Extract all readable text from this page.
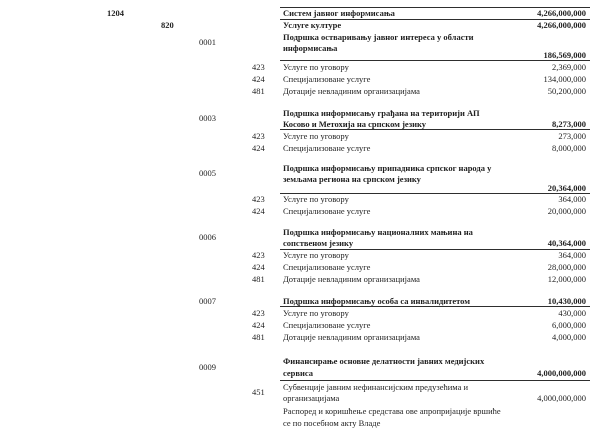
1204	Систем јавног информисања	4,266,000,000
820	Услуге културе	4,266,000,000
0001	Подршка остваривању јавног интереса у области
информисања
186,569,000
423 Услуге по уговору	2,369,000
424 Специјализоване услуге	134,000,000
481 Дотације невладиним организацијама	50,200,000
0003	Подршка информисању грађана на територији АП
Косово и Метохија на српском језику	8,273,000
423 Услуге по уговору	273,000
424 Специјализоване услуге	8,000,000
0005	Подршка информисању припадника српског народа у
земљама региона на српском језику
20,364,000
423 Услуге по уговору	364,000
424 Специјализоване услуге	20,000,000
0006	Подршка информисању националних мањина на
сопственом језику	40,364,000
423 Услуге по уговору	364,000
424 Специјализоване услуге	28,000,000
481 Дотације невладиним организацијама	12,000,000
0007	Подршка информисању особа са инвалидитетом	10,430,000
423 Услуге по уговору	430,000
424 Специјализоване услуге	6,000,000
481 Дотације невладиним организацијама	4,000,000
0009
Финансирање основне делатности јавних медијских
сервиса	4,000,000,000
451 Субвенције јавним нефинансијским предузећима и
организацијама	4,000,000,000
Распоред и коришћење средстава ове апропријације вршиће
се по посебном акту Владе
